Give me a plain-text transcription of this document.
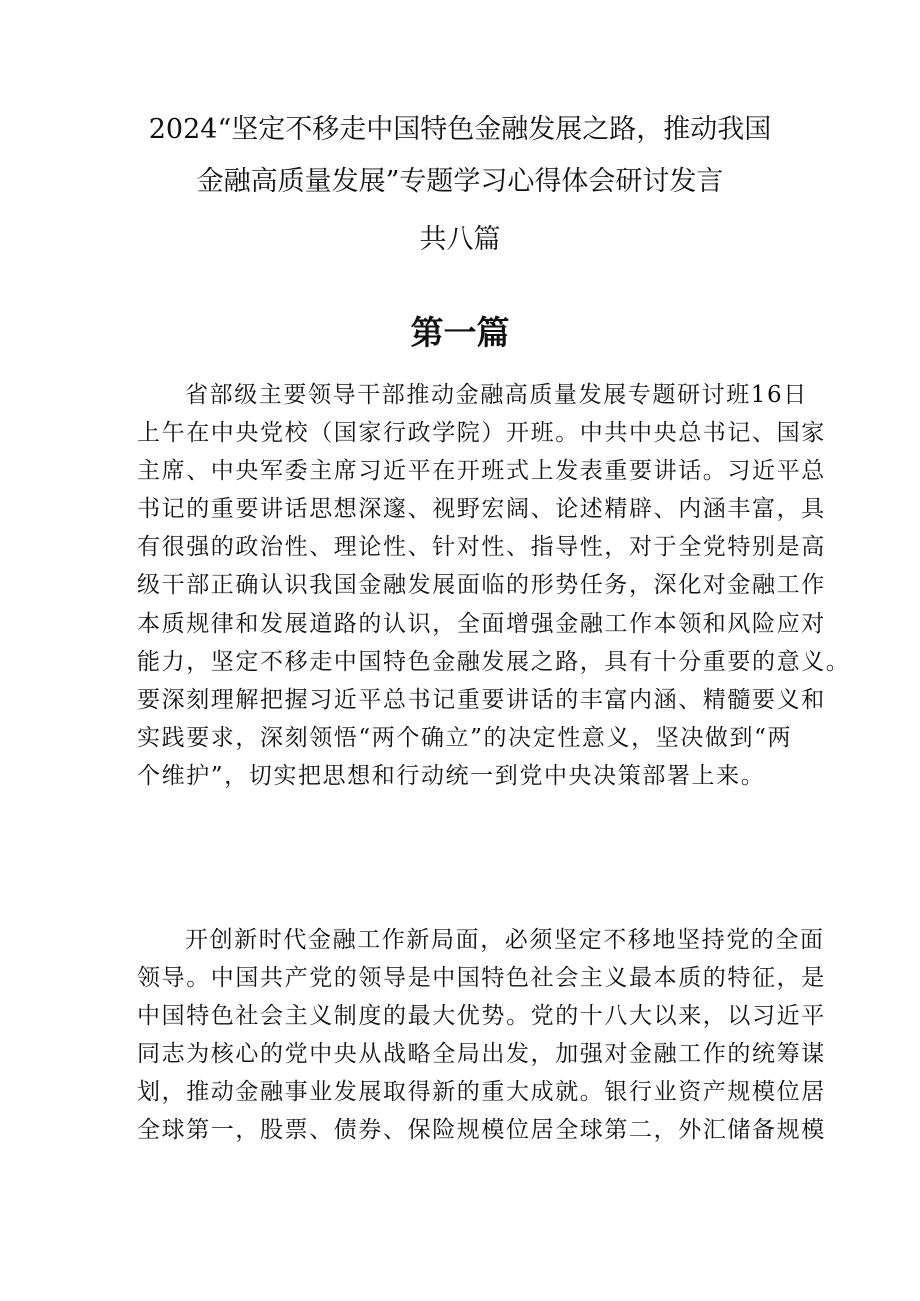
2024“坚定不移走中国特色金融发展之路，推动我国
金融高质量发展”专题学习心得体会研讨发言
共八篇
第一篇
省部级主要领导干部推动金融高质量发展专题研讨班16日
上午在中央党校（国家行政学院）开班。中共中央总书记、国家
主席、中央军委主席习近平在开班式上发表重要讲话。习近平总
书记的重要讲话思想深邃、视野宏阔、论述精辟、内涵丰富，具
有很强的政治性、理论性、针对性、指导性，对于全党特别是高
级干部正确认识我国金融发展面临的形势任务，深化对金融工作
本质规律和发展道路的认识，全面增强金融工作本领和风险应对
能力，坚定不移走中国特色金融发展之路，具有十分重要的意义。
要深刻理解把握习近平总书记重要讲话的丰富内涵、精髓要义和
实践要求，深刻领悟“两个确立”的决定性意义，坚决做到“两
个维护”，切实把思想和行动统一到党中央决策部署上来。
开创新时代金融工作新局面，必须坚定不移地坚持党的全面
领导。中国共产党的领导是中国特色社会主义最本质的特征，是
中国特色社会主义制度的最大优势。党的十八大以来，以习近平
同志为核心的党中央从战略全局出发，加强对金融工作的统筹谋
划，推动金融事业发展取得新的重大成就。银行业资产规模位居
全球第一，股票、债券、保险规模位居全球第二，外汇储备规模
